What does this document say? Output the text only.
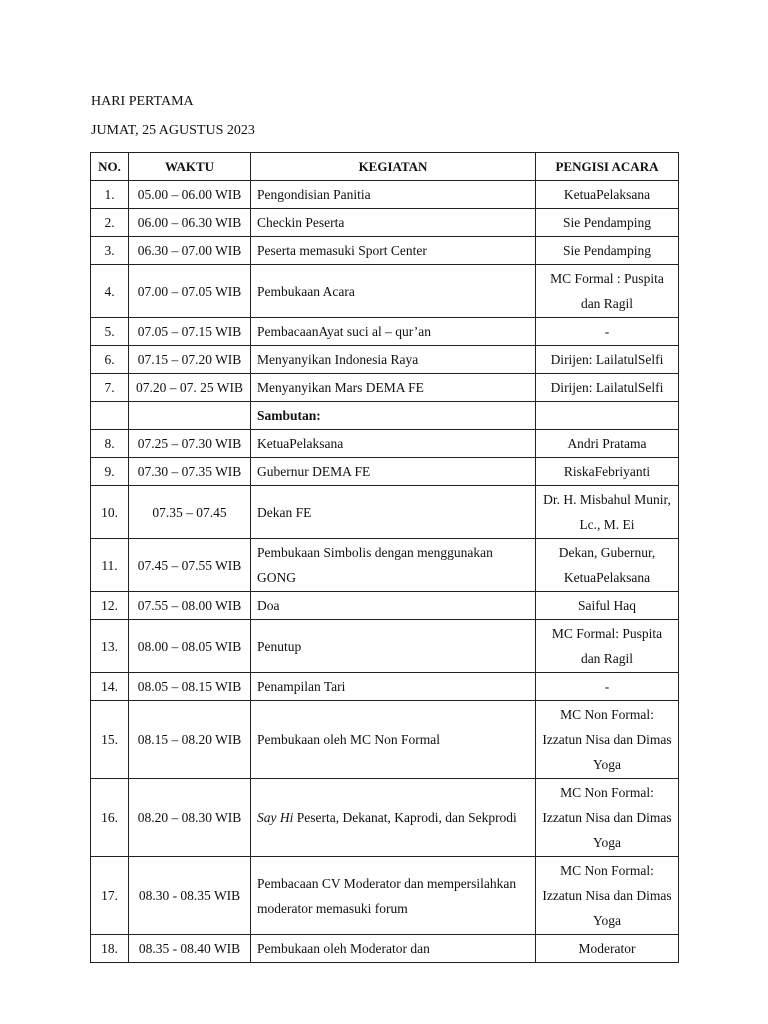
HARI PERTAMA
JUMAT, 25 AGUSTUS 2023
NO.	WAKTU	KEGIATAN	PENGISI ACARA
1.	05.00 – 06.00 WIB	Pengondisian Panitia	KetuaPelaksana
2.	06.00 – 06.30 WIB	Checkin Peserta	Sie Pendamping
3.	06.30 – 07.00 WIB	Peserta memasuki Sport Center	Sie Pendamping
4.	07.00 – 07.05 WIB	Pembukaan Acara	MC Formal : Puspita dan Ragil
5.	07.05 – 07.15 WIB	PembacaanAyat suci al – qur’an	-
6.	07.15 – 07.20 WIB	Menyanyikan Indonesia Raya	Dirijen: LailatulSelfi
7.	07.20 – 07. 25 WIB	Menyanyikan Mars DEMA FE	Dirijen: LailatulSelfi
		Sambutan:	
8.	07.25 – 07.30 WIB	KetuaPelaksana	Andri Pratama
9.	07.30 – 07.35 WIB	Gubernur DEMA FE	RiskaFebriyanti
10.	07.35 – 07.45	Dekan FE	Dr. H. Misbahul Munir, Lc., M. Ei
11.	07.45 – 07.55 WIB	Pembukaan Simbolis dengan menggunakan GONG	Dekan, Gubernur, KetuaPelaksana
12.	07.55 – 08.00 WIB	Doa	Saiful Haq
13.	08.00 – 08.05 WIB	Penutup	MC Formal: Puspita dan Ragil
14.	08.05 – 08.15 WIB	Penampilan Tari	-
15.	08.15 – 08.20 WIB	Pembukaan oleh MC Non Formal	MC Non Formal: Izzatun Nisa dan Dimas Yoga
16.	08.20 – 08.30 WIB	Say Hi Peserta, Dekanat, Kaprodi, dan Sekprodi	MC Non Formal: Izzatun Nisa dan Dimas Yoga
17.	08.30 - 08.35 WIB	Pembacaan CV Moderator dan mempersilahkan moderator memasuki forum	MC Non Formal: Izzatun Nisa dan Dimas Yoga
18.	08.35 - 08.40 WIB	Pembukaan oleh Moderator dan	Moderator
